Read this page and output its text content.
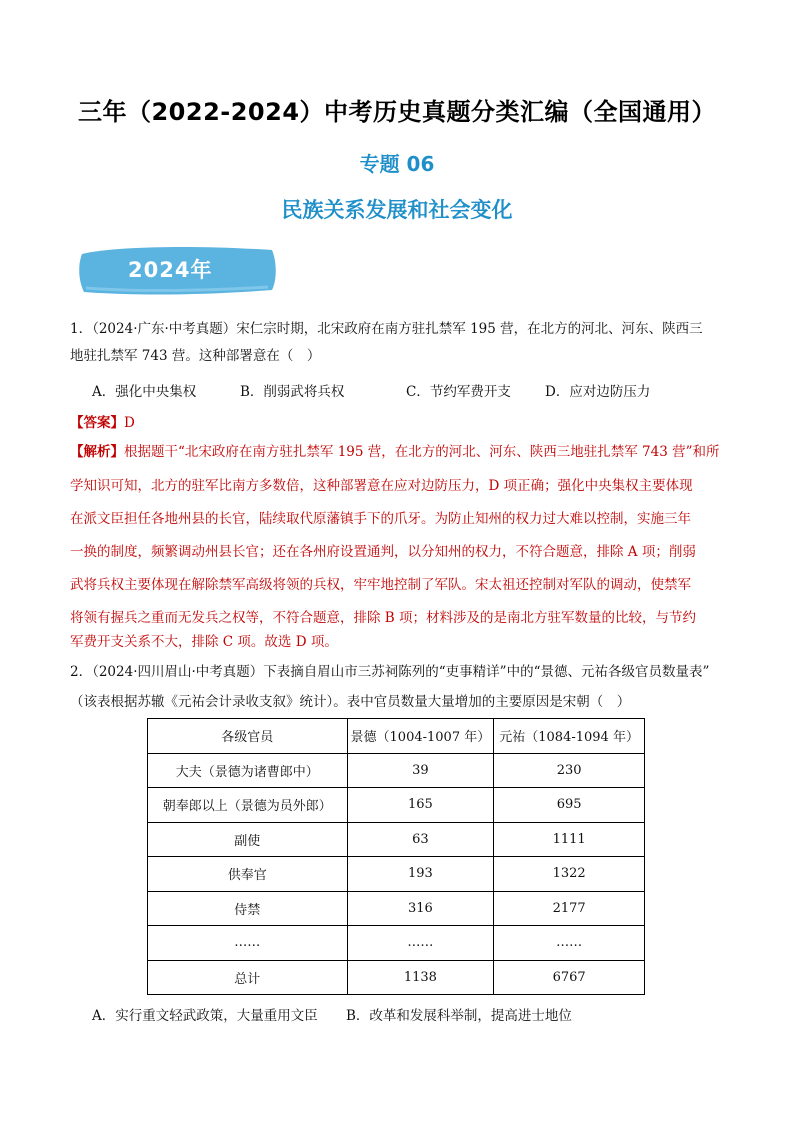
三年（2022-2024）中考历史真题分类汇编（全国通用）
专题 06
民族关系发展和社会变化
2024年
1．（2024·广东·中考真题）宋仁宗时期，北宋政府在南方驻扎禁军 195 营，在北方的河北、河东、陕西三
地驻扎禁军 743 营。这种部署意在（　）
A．强化中央集权	B．削弱武将兵权	C．节约军费开支	D．应对边防压力
【答案】D
【解析】根据题干“北宋政府在南方驻扎禁军 195 营，在北方的河北、河东、陕西三地驻扎禁军 743 营”和所
学知识可知，北方的驻军比南方多数倍，这种部署意在应对边防压力，D 项正确；强化中央集权主要体现
在派文臣担任各地州县的长官，陆续取代原藩镇手下的爪牙。为防止知州的权力过大难以控制，实施三年
一换的制度，频繁调动州县长官；还在各州府设置通判，以分知州的权力，不符合题意，排除 A 项；削弱
武将兵权主要体现在解除禁军高级将领的兵权，牢牢地控制了军队。宋太祖还控制对军队的调动，使禁军
将领有握兵之重而无发兵之权等，不符合题意，排除 B 项；材料涉及的是南北方驻军数量的比较，与节约
军费开支关系不大，排除 C 项。故选 D 项。
2．（2024·四川眉山·中考真题）下表摘自眉山市三苏祠陈列的“吏事精详”中的“景德、元祐各级官员数量表”
（该表根据苏辙《元祐会计录收支叙》统计）。表中官员数量大量增加的主要原因是宋朝（　）
各级官员	景德（1004-1007 年）	元祐（1084-1094 年）
大夫（景德为诸曹郎中）	39	230
朝奉郎以上（景德为员外郎）	165	695
副使	63	1111
供奉官	193	1322
侍禁	316	2177
……	……	……
总计	1138	6767
A．实行重文轻武政策，大量重用文臣 B．改革和发展科举制，提高进士地位
